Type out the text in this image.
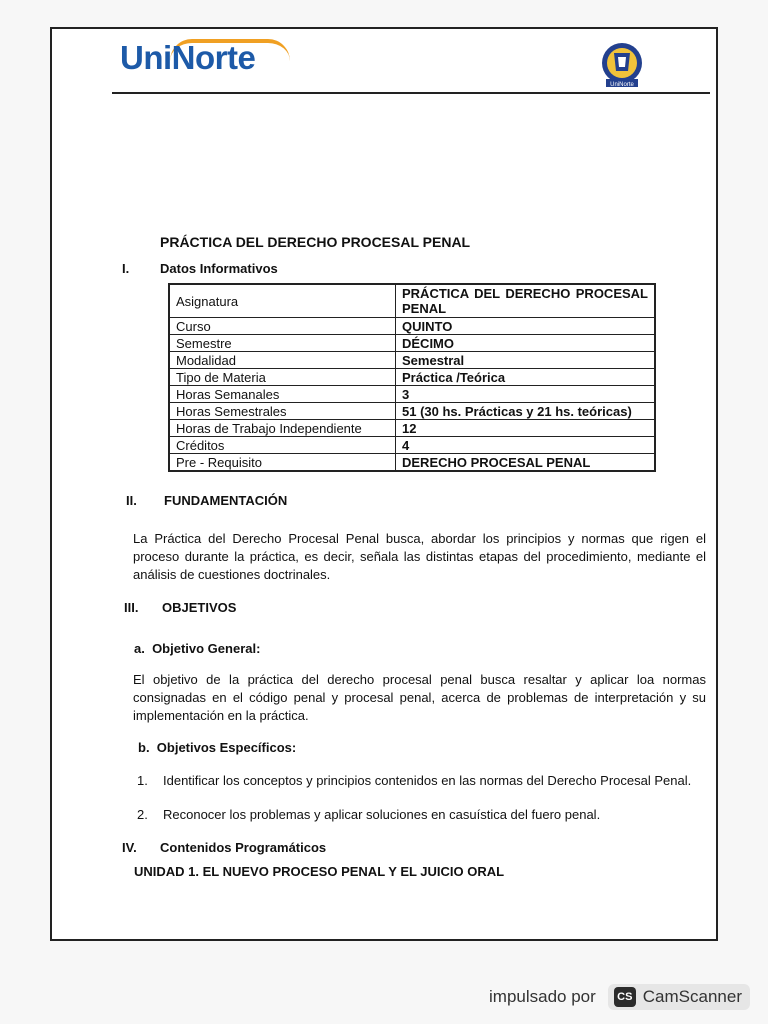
UniNorte
UniNorte
PRÁCTICA DEL DERECHO PROCESAL PENAL
I. Datos Informativos
Asignatura	PRÁCTICA DEL DERECHO PROCESAL PENAL
Curso	QUINTO
Semestre	DÉCIMO
Modalidad	Semestral
Tipo de Materia	Práctica /Teórica
Horas Semanales	3
Horas Semestrales	51 (30 hs. Prácticas y 21 hs. teóricas)
Horas de Trabajo Independiente	12
Créditos	4
Pre - Requisito	DERECHO PROCESAL PENAL
II. FUNDAMENTACIÓN
La Práctica del Derecho Procesal Penal busca, abordar los principios y normas que rigen el proceso durante la práctica, es decir, señala las distintas etapas del procedimiento, mediante el análisis de cuestiones doctrinales.
III. OBJETIVOS
a.  Objetivo General:
El objetivo de la práctica del derecho procesal penal busca resaltar y aplicar loa normas consignadas en el código penal y procesal penal, acerca de problemas de interpretación y su implementación en la práctica.
b.  Objetivos Específicos:
1. Identificar los conceptos y principios contenidos en las normas del Derecho Procesal Penal.
2. Reconocer los problemas y aplicar soluciones en casuística del fuero penal.
IV. Contenidos Programáticos
UNIDAD 1. EL NUEVO PROCESO PENAL Y EL JUICIO ORAL
impulsado por	CS CamScanner
